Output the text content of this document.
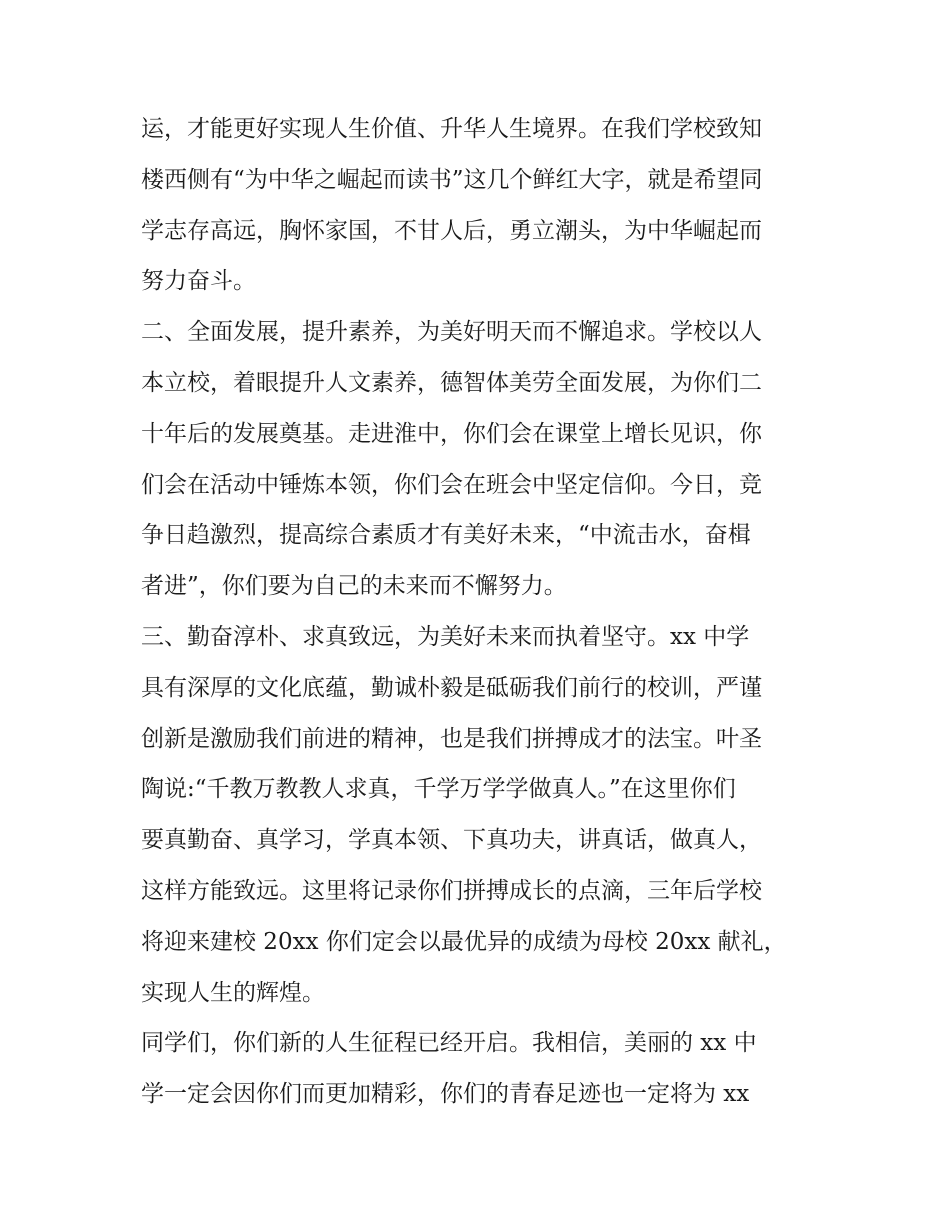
运，才能更好实现人生价值、升华人生境界。在我们学校致知
楼西侧有“为中华之崛起而读书”这几个鲜红大字，就是希望同
学志存高远，胸怀家国，不甘人后，勇立潮头，为中华崛起而
努力奋斗。
二、全面发展，提升素养，为美好明天而不懈追求。学校以人
本立校，着眼提升人文素养，德智体美劳全面发展，为你们二
十年后的发展奠基。走进淮中，你们会在课堂上增长见识，你
们会在活动中锤炼本领，你们会在班会中坚定信仰。今日，竞
争日趋激烈，提高综合素质才有美好未来，“中流击水，奋楫
者进”，你们要为自己的未来而不懈努力。
三、勤奋淳朴、求真致远，为美好未来而执着坚守。xx 中学
具有深厚的文化底蕴，勤诚朴毅是砥砺我们前行的校训，严谨
创新是激励我们前进的精神，也是我们拼搏成才的法宝。叶圣
陶说:“千教万教教人求真，千学万学学做真人。”在这里你们
要真勤奋、真学习，学真本领、下真功夫，讲真话，做真人，
这样方能致远。这里将记录你们拼搏成长的点滴，三年后学校
将迎来建校 20xx 你们定会以最优异的成绩为母校 20xx 献礼，
实现人生的辉煌。
同学们，你们新的人生征程已经开启。我相信，美丽的 xx 中
学一定会因你们而更加精彩，你们的青春足迹也一定将为 xx
